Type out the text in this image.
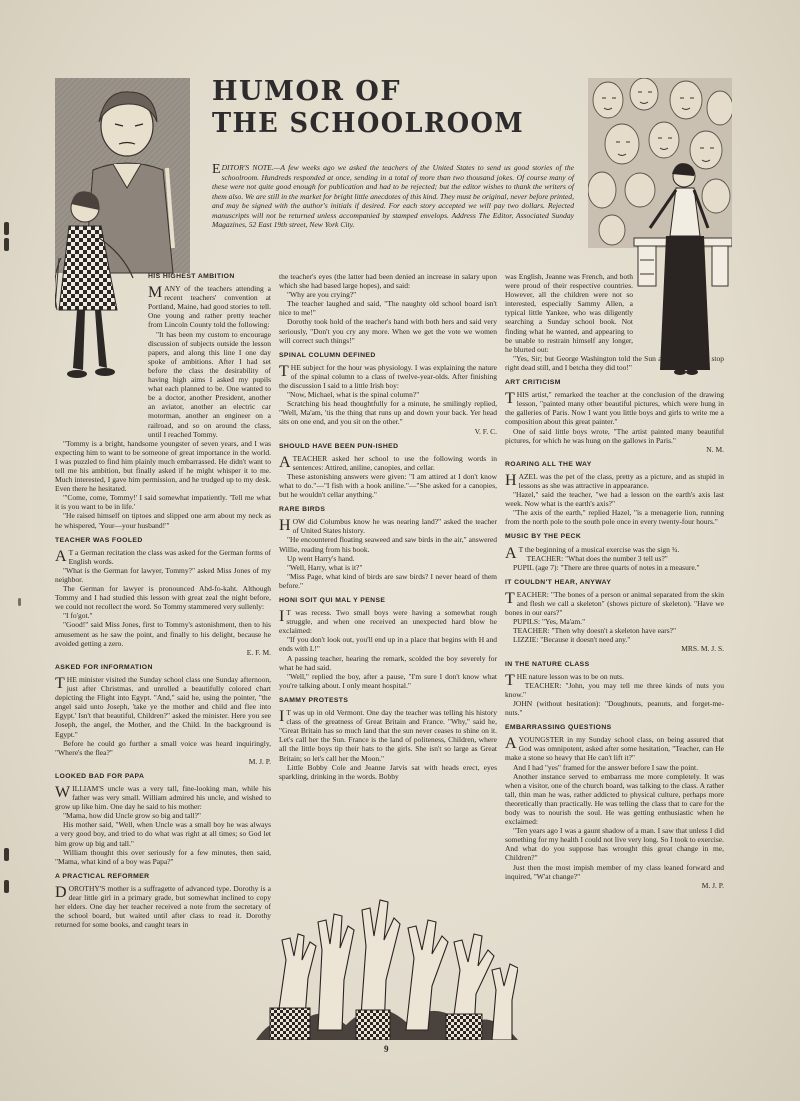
HUMOR OF
THE SCHOOLROOM
EDITOR'S NOTE.—A few weeks ago we asked the teachers of the United States to send us good stories of the schoolroom. Hundreds responded at once, sending in a total of more than two thousand jokes. Of course many of these were not quite good enough for publication and had to be rejected; but the editor wishes to thank the writers of them also. We are still in the market for bright little anecdotes of this kind. They must be original, never before printed, and may be signed with the author's initials if desired. For each story accepted we will pay two dollars. Rejected manuscripts will not be returned unless accompanied by stamped envelops. Address The Editor, Associated Sunday Magazines, 52 East 19th street, New York City.
HIS HIGHEST AMBITION

MANY of the teachers attending a recent teachers' convention at Portland, Maine, had good stories to tell. One young and rather pretty teacher from Lincoln County told the following:

"It has been my custom to encourage discussion of subjects outside the lesson papers, and along this line I one day spoke of ambitions. After I had set before the class the desirability of having high aims I asked my pupils what each planned to be. One wanted to be a doctor, another President, another an aviator, another an electric car motorman, another an engineer on a railroad, and so on around the class, until I reached Tommy.

"Tommy is a bright, handsome youngster of seven years, and I was expecting him to want to be someone of great importance in the world. I was puzzled to find him plainly much embarrassed. He didn't want to tell me his ambition, but finally asked if he might whisper it to me. Much interested, I gave him permission, and he trudged up to my desk. Even there he hesitated.

"'Come, come, Tommy!' I said somewhat impatiently. 'Tell me what it is you want to be in life.'

"He raised himself on tiptoes and slipped one arm about my neck as he whispered, 'Your—your husband!'"

TEACHER WAS FOOLED

A T a German recitation the class was asked for the German forms of English words.

"What is the German for lawyer, Tommy?" asked Miss Jones of my neighbor.

The German for lawyer is pronounced Ahd-fo-kaht. Although Tommy and I had studied this lesson with great zeal the night before, we could not recollect the word. So Tommy stammered very sullenly:

"I fo'got."

"Good!" said Miss Jones, first to Tommy's astonishment, then to his amusement as he saw the point, and finally to his delight, because he avoided getting a zero.

E. F. M.
ASKED FOR INFORMATION

THE minister visited the Sunday school class one Sunday afternoon, just after Christmas, and unrolled a beautifully colored chart depicting the Flight into Egypt. "And," said he, using the pointer, "the angel said unto Joseph, 'take ye the mother and child and flee into Egypt.' Isn't that beautiful, Children?" asked the minister. Here you see Joseph, the angel, the Mother, and the Child. In the background is Egypt."

Before he could go further a small voice was heard inquiringly, "Where's the flea?"

M. J. P.
LOOKED BAD FOR PAPA

WILLIAM'S uncle was a very tall, fine-looking man, while his father was very small. William admired his uncle, and wished to grow up like him. One day he said to his mother:

"Mama, how did Uncle grow so big and tall?"

His mother said, "Well, when Uncle was a small boy he was always a very good boy, and tried to do what was right at all times; so God let him grow up big and tall."

William thought this over seriously for a few minutes, then said, "Mama, what kind of a boy was Papa?"

A PRACTICAL REFORMER

DOROTHY'S mother is a suffragette of advanced type. Dorothy is a dear little girl in a primary grade, but somewhat inclined to copy her elders. One day her teacher received a note from the secretary of the school board, but waited until after class to read it. Dorothy returned for some books, and caught tears in

the teacher's eyes (the latter had been denied an increase in salary upon which she had based large hopes), and said:

"Why are you crying?"

The teacher laughed and said, "The naughty old school board isn't nice to me!"

Dorothy took hold of the teacher's hand with both hers and said very seriously, "Don't you cry any more. When we get the vote we women will correct such things!"

SPINAL COLUMN DEFINED

THE subject for the hour was physiology. I was explaining the nature of the spinal column to a class of twelve-year-olds. After finishing the discussion I said to a little Irish boy:

"Now, Michael, what is the spinal column?"

Scratching his head thoughtfully for a minute, he smilingly replied, "Well, Ma'am, 'tis the thing that runs up and down your back. Yer head sits on one end, and you sit on the other."

V. F. C.
SHOULD HAVE BEEN PUN-ISHED

ATEACHER asked her school to use the following words in sentences: Attired, aniline, canopies, and cellar.

These astonishing answers were given: "I am attired at I don't know what to do."—"I fish with a hook aniline."—"She asked for a canopies, but he wouldn't cellar anything."

RARE BIRDS

HOW did Columbus know he was nearing land?" asked the teacher of United States history.

"He encountered floating seaweed and saw birds in the air," answered Willie, reading from his book.

Up went Harry's hand.

"Well, Harry, what is it?"

"Miss Page, what kind of birds are saw birds? I never heard of them before."

HONI SOIT QUI MAL Y PENSE

I T was recess. Two small boys were having a somewhat rough struggle, and when one received an unexpected hard blow he exclaimed:

"If you don't look out, you'll end up in a place that begins with H and ends with L!"

A passing teacher, hearing the remark, scolded the boy severely for what he had said.

"Well," replied the boy, after a pause, "I'm sure I don't know what you're talking about. I only meant hospital."

SAMMY PROTESTS

I T was up in old Vermont. One day the teacher was telling his history class of the greatness of Great Britain and France. "Why," said he, "Great Britain has so much land that the sun never ceases to shine on it. Let's call her the Sun. France is the land of politeness, Children, where all the little boys tip their hats to the girls. She isn't so large as Great Britain; so let's call her the Moon."

Little Bobby Cole and Jeanne Jarvis sat with heads erect, eyes sparkling, drinking in the words. Bobby

was English, Jeanne was French, and both were proud of their respective countries. However, all the children were not so interested, especially Sammy Allen, a typical little Yankee, who was diligently searching a Sunday school book. Not finding what he wanted, and appearing to be unable to restrain himself any longer, he blurted out:

"Yes, Sir; but George Washington told the Sun and the Moon to stop right dead still, and I betcha they did too!"

ART CRITICISM

THIS artist," remarked the teacher at the conclusion of the drawing lesson, "painted many other beautiful pictures, which were hung in the galleries of Paris. Now I want you little boys and girls to write me a composition about this great painter."

One of said little boys wrote, "The artist painted many beautiful pictures, for which he was hung on the gallows in Paris."

N. M.
ROARING ALL THE WAY

HAZEL was the pet of the class, pretty as a picture, and as stupid in lessons as she was attractive in appearance.

"Hazel," said the teacher, "we had a lesson on the earth's axis last week. Now what is the earth's axis?"

"The axis of the earth," replied Hazel, "is a menagerie lion, running from the north pole to the south pole once in every twenty-four hours."

MUSIC BY THE PECK

A T the beginning of a musical exercise was the sign ¾.

TEACHER: "What does the number 3 tell us?"

PUPIL (age 7): "There are three quarts of notes in a measure."

IT COULDN'T HEAR, ANYWAY

TEACHER: "The bones of a person or animal separated from the skin and flesh we call a skeleton" (shows picture of skeleton). "Have we bones in our ears?"

PUPILS: "Yes, Ma'am."

TEACHER: "Then why doesn't a skeleton have ears?"

LIZZIE: "Because it doesn't need any."

MRS. M. J. S.
IN THE NATURE CLASS

THE nature lesson was to be on nuts.

TEACHER: "John, you may tell me three kinds of nuts you know."

JOHN (without hesitation): "Doughnuts, peanuts, and forget-me-nuts."

EMBARRASSING QUESTIONS

AYOUNGSTER in my Sunday school class, on being assured that God was omnipotent, asked after some hesitation, "Teacher, can He make a stone so heavy that He can't lift it?"

And I had "yes" framed for the answer before I saw the point.

Another instance served to embarrass me more completely. It was when a visitor, one of the church board, was talking to the class. A rather tall, thin man he was, rather addicted to physical culture, perhaps more theoretically than practically. He was telling the class that to care for the body was to nourish the soul. He was getting enthusiastic when he exclaimed:

"Ten years ago I was a gaunt shadow of a man. I saw that unless I did something for my health I could not live very long. So I took to exercise. And what do you suppose has wrought this great change in me, Children?"

Just then the most impish member of my class leaned forward and inquired, "W'at change?"

M. J. P.
9
